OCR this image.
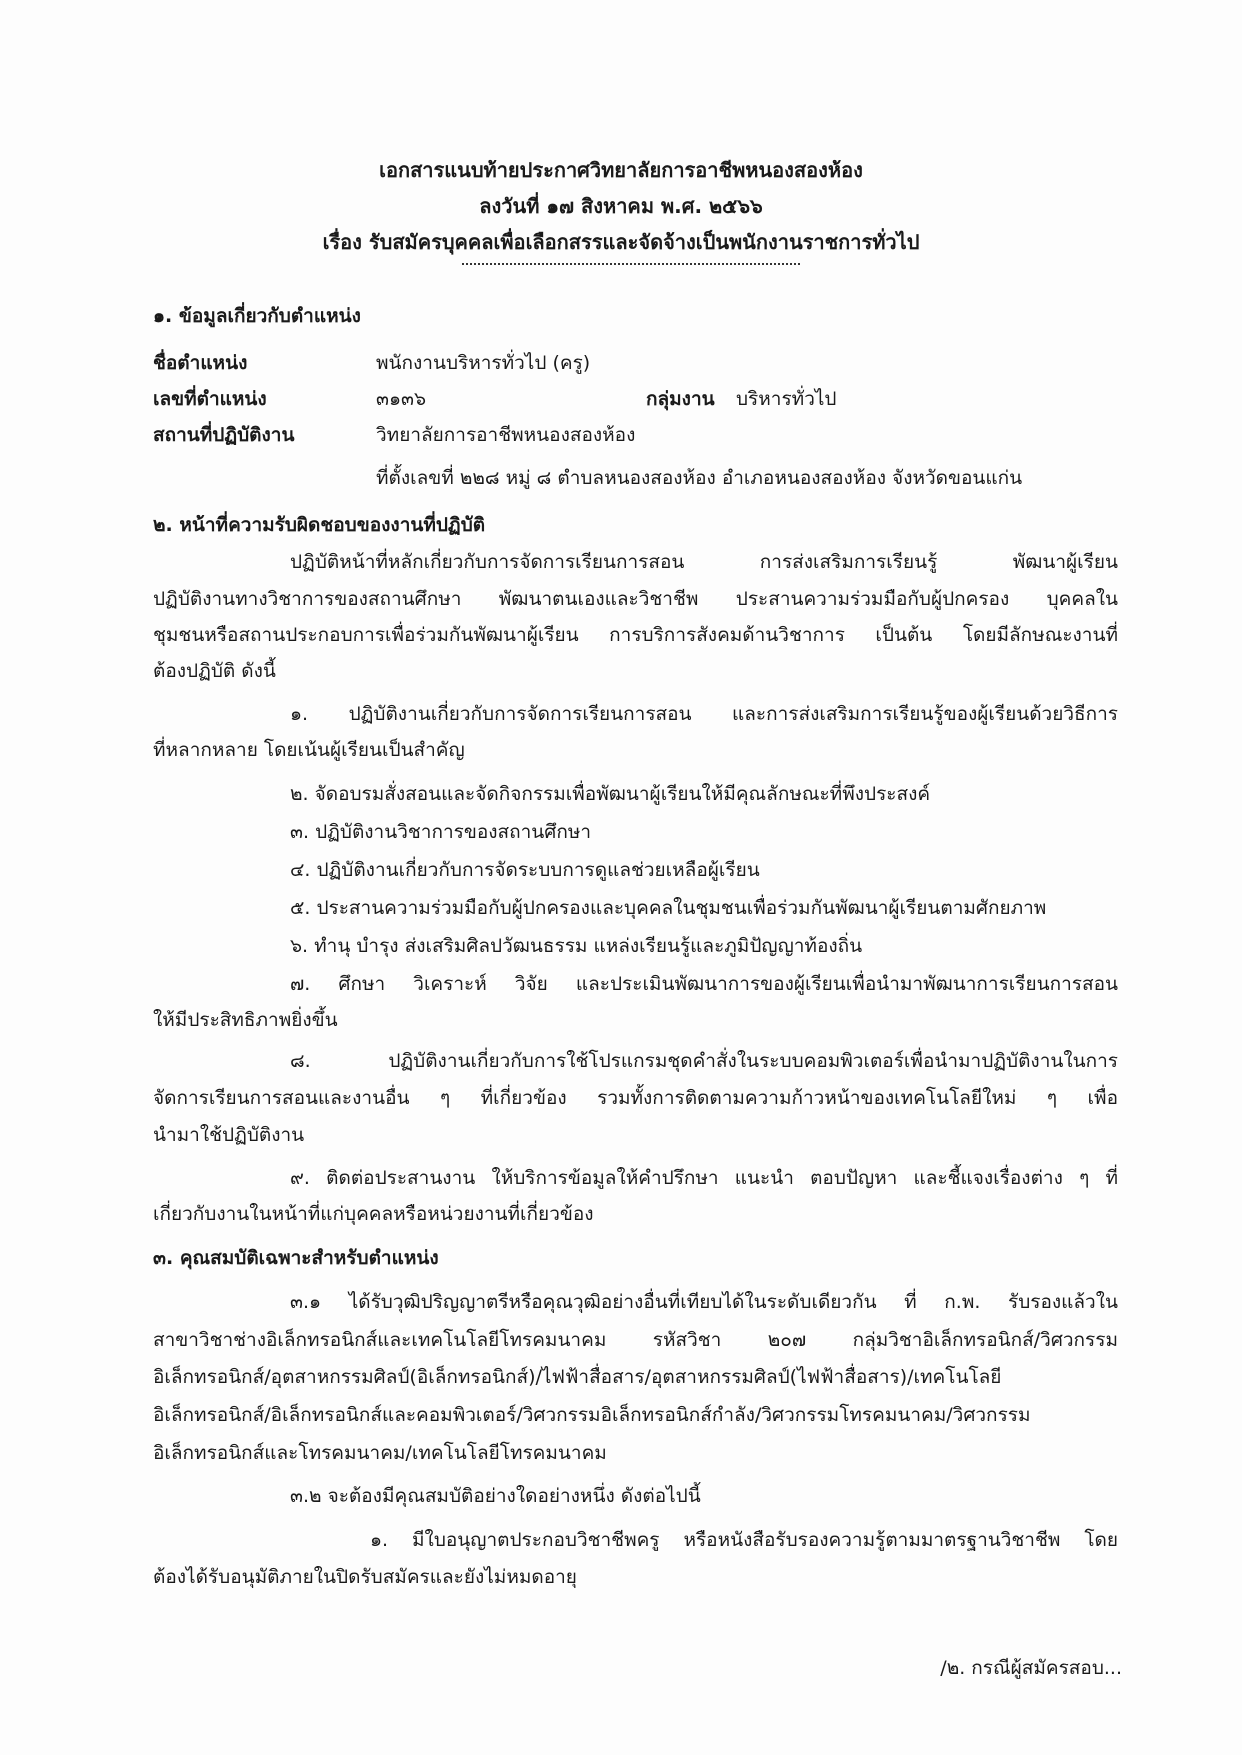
เอกสารแนบท้ายประกาศวิทยาลัยการอาชีพหนองสองห้อง
ลงวันที่ ๑๗ สิงหาคม พ.ศ. ๒๕๖๖
เรื่อง รับสมัครบุคคลเพื่อเลือกสรรและจัดจ้างเป็นพนักงานราชการทั่วไป
๑. ข้อมูลเกี่ยวกับตำแหน่ง
ชื่อตำแหน่ง	พนักงานบริหารทั่วไป (ครู)
เลขที่ตำแหน่ง	๓๑๓๖	กลุ่มงาน บริหารทั่วไป
สถานที่ปฏิบัติงาน	วิทยาลัยการอาชีพหนองสองห้อง
ที่ตั้งเลขที่ ๒๒๘ หมู่ ๘ ตำบลหนองสองห้อง อำเภอหนองสองห้อง จังหวัดขอนแก่น
๒. หน้าที่ความรับผิดชอบของงานที่ปฏิบัติ
ปฏิบัติหน้าที่หลักเกี่ยวกับการจัดการเรียนการสอน การส่งเสริมการเรียนรู้ พัฒนาผู้เรียน
ปฏิบัติงานทางวิชาการของสถานศึกษา พัฒนาตนเองและวิชาชีพ ประสานความร่วมมือกับผู้ปกครอง บุคคลใน
ชุมชนหรือสถานประกอบการเพื่อร่วมกันพัฒนาผู้เรียน การบริการสังคมด้านวิชาการ เป็นต้น โดยมีลักษณะงานที่
ต้องปฏิบัติ ดังนี้
๑. ปฏิบัติงานเกี่ยวกับการจัดการเรียนการสอน และการส่งเสริมการเรียนรู้ของผู้เรียนด้วยวิธีการ
ที่หลากหลาย โดยเน้นผู้เรียนเป็นสำคัญ
๒. จัดอบรมสั่งสอนและจัดกิจกรรมเพื่อพัฒนาผู้เรียนให้มีคุณลักษณะที่พึงประสงค์
๓. ปฏิบัติงานวิชาการของสถานศึกษา
๔. ปฏิบัติงานเกี่ยวกับการจัดระบบการดูแลช่วยเหลือผู้เรียน
๕. ประสานความร่วมมือกับผู้ปกครองและบุคคลในชุมชนเพื่อร่วมกันพัฒนาผู้เรียนตามศักยภาพ
๖. ทำนุ บำรุง ส่งเสริมศิลปวัฒนธรรม แหล่งเรียนรู้และภูมิปัญญาท้องถิ่น
๗. ศึกษา วิเคราะห์ วิจัย และประเมินพัฒนาการของผู้เรียนเพื่อนำมาพัฒนาการเรียนการสอน
ให้มีประสิทธิภาพยิ่งขึ้น
๘. ปฏิบัติงานเกี่ยวกับการใช้โปรแกรมชุดคำสั่งในระบบคอมพิวเตอร์เพื่อนำมาปฏิบัติงานในการ
จัดการเรียนการสอนและงานอื่น ๆ ที่เกี่ยวข้อง รวมทั้งการติดตามความก้าวหน้าของเทคโนโลยีใหม่ ๆ เพื่อ
นำมาใช้ปฏิบัติงาน
๙. ติดต่อประสานงาน ให้บริการข้อมูลให้คำปรึกษา แนะนำ ตอบปัญหา และชี้แจงเรื่องต่าง ๆ ที่
เกี่ยวกับงานในหน้าที่แก่บุคคลหรือหน่วยงานที่เกี่ยวข้อง
๓. คุณสมบัติเฉพาะสำหรับตำแหน่ง
๓.๑ ได้รับวุฒิปริญญาตรีหรือคุณวุฒิอย่างอื่นที่เทียบได้ในระดับเดียวกัน ที่ ก.พ. รับรองแล้วใน
สาขาวิชาช่างอิเล็กทรอนิกส์และเทคโนโลยีโทรคมนาคม รหัสวิชา ๒๐๗ กลุ่มวิชาอิเล็กทรอนิกส์/วิศวกรรม
อิเล็กทรอนิกส์/อุตสาหกรรมศิลป์(อิเล็กทรอนิกส์)/ไฟฟ้าสื่อสาร/อุตสาหกรรมศิลป์(ไฟฟ้าสื่อสาร)/เทคโนโลยี
อิเล็กทรอนิกส์/อิเล็กทรอนิกส์และคอมพิวเตอร์/วิศวกรรมอิเล็กทรอนิกส์กำลัง/วิศวกรรมโทรคมนาคม/วิศวกรรม
อิเล็กทรอนิกส์และโทรคมนาคม/เทคโนโลยีโทรคมนาคม
๓.๒ จะต้องมีคุณสมบัติอย่างใดอย่างหนึ่ง ดังต่อไปนี้
๑. มีใบอนุญาตประกอบวิชาชีพครู หรือหนังสือรับรองความรู้ตามมาตรฐานวิชาชีพ โดย
ต้องได้รับอนุมัติภายในปิดรับสมัครและยังไม่หมดอายุ
/๒. กรณีผู้สมัครสอบ...
